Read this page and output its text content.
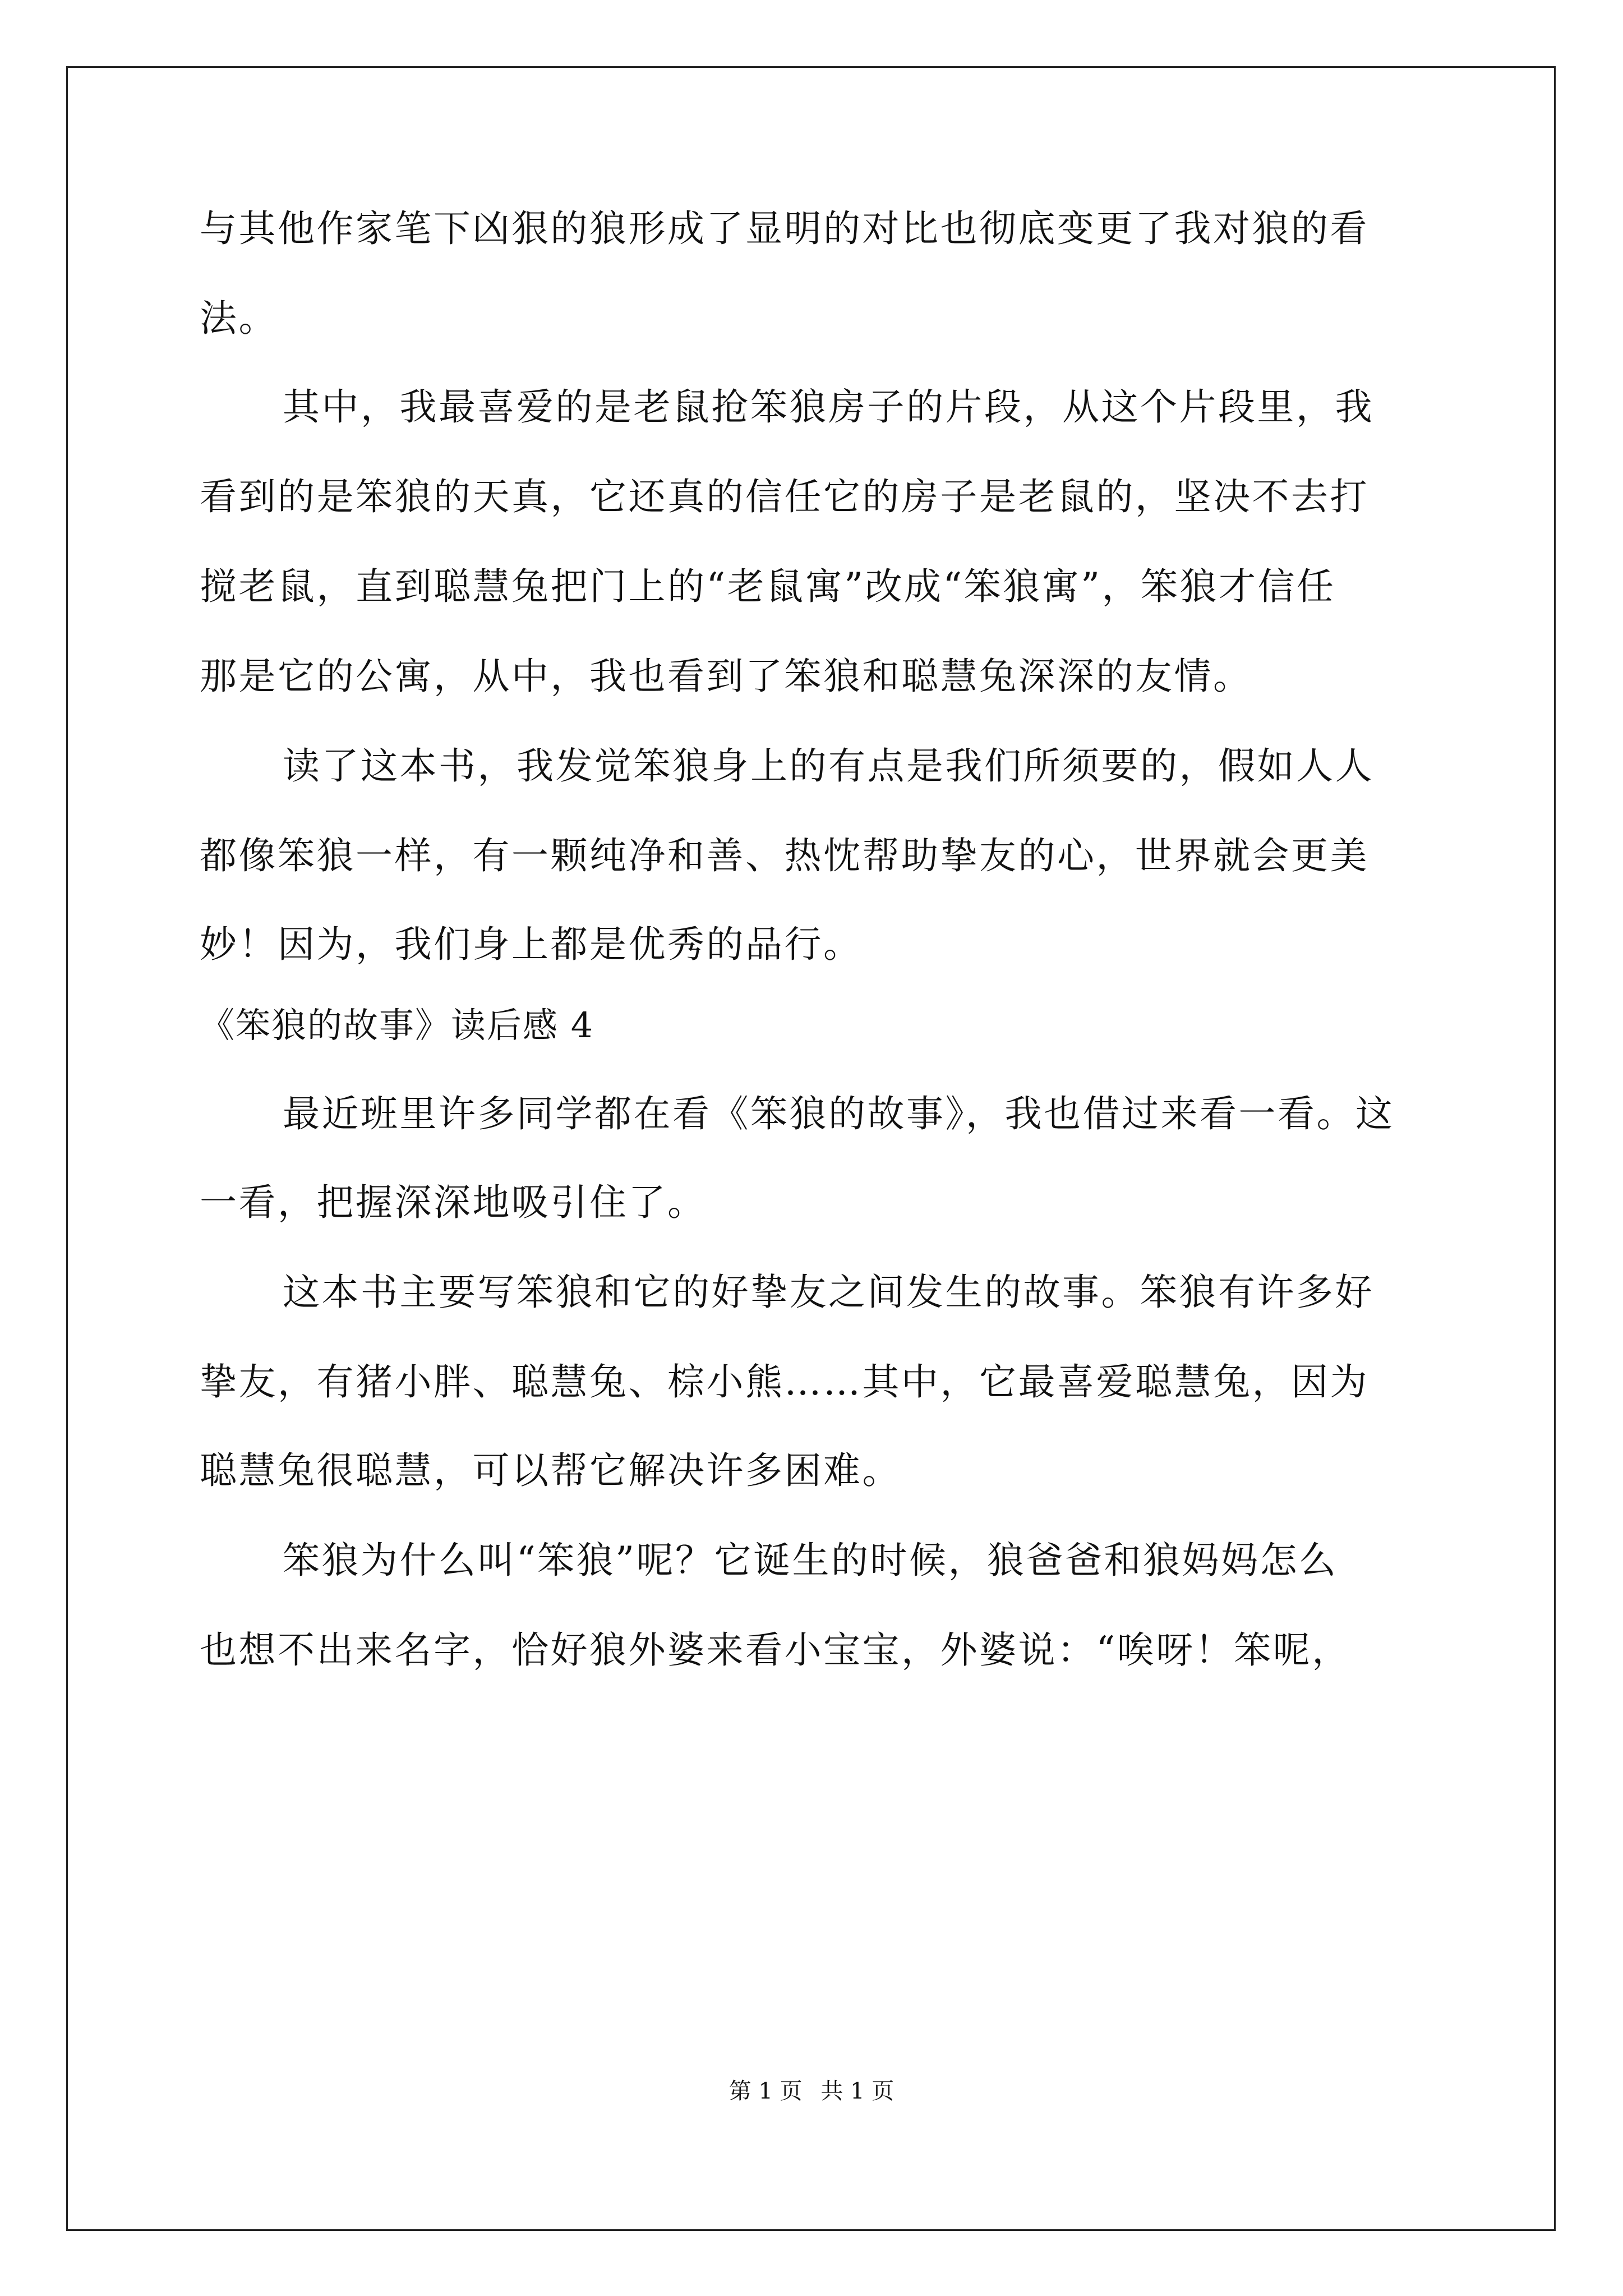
与其他作家笔下凶狠的狼形成了显明的对比也彻底变更了我对狼的看
法。
其中，我最喜爱的是老鼠抢笨狼房子的片段，从这个片段里，我
看到的是笨狼的天真，它还真的信任它的房子是老鼠的，坚决不去打
搅老鼠，直到聪慧兔把门上的“老鼠寓”改成“笨狼寓”，笨狼才信任
那是它的公寓，从中，我也看到了笨狼和聪慧兔深深的友情。
读了这本书，我发觉笨狼身上的有点是我们所须要的，假如人人
都像笨狼一样，有一颗纯净和善、热忱帮助挚友的心，世界就会更美
妙！因为，我们身上都是优秀的品行。
《笨狼的故事》读后感 4
最近班里许多同学都在看《笨狼的故事》，我也借过来看一看。这
一看，把握深深地吸引住了。
这本书主要写笨狼和它的好挚友之间发生的故事。笨狼有许多好
挚友，有猪小胖、聪慧兔、棕小熊……其中，它最喜爱聪慧兔，因为
聪慧兔很聪慧，可以帮它解决许多困难。
笨狼为什么叫“笨狼”呢？它诞生的时候，狼爸爸和狼妈妈怎么
也想不出来名字，恰好狼外婆来看小宝宝，外婆说：“唉呀！笨呢，
第 1 页 共 1 页
